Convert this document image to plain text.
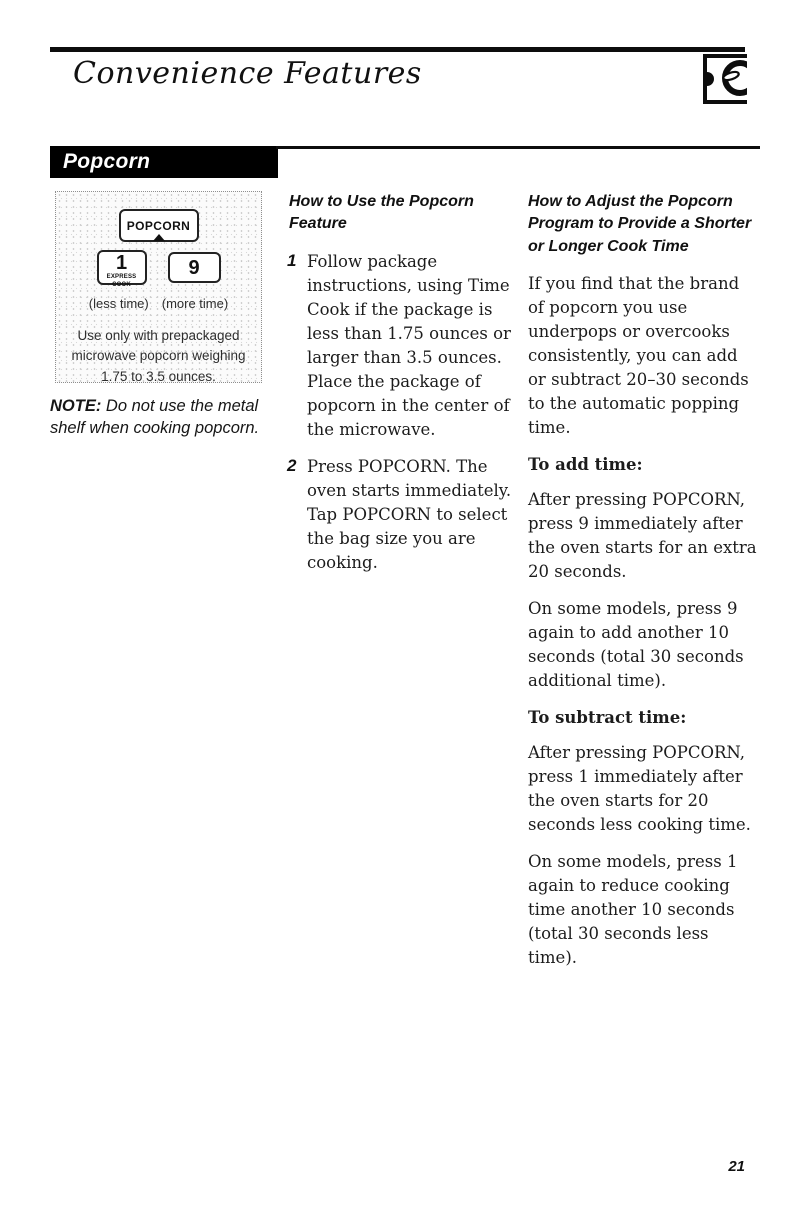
Convenience Features
Popcorn
POPCORN
1
EXPRESS COOK
9
(less time) (more time)
Use only with prepackaged microwave popcorn weighing 1.75 to 3.5 ounces.
NOTE: Do not use the metal shelf when cooking popcorn.

How to Use the Popcorn Feature

1 Follow package instructions, using Time Cook if the package is less than 1.75 ounces or larger than 3.5 ounces. Place the package of popcorn in the center of the microwave.
2 Press POPCORN. The oven starts immediately. Tap POPCORN to select the bag size you are cooking.

How to Adjust the Popcorn Program to Provide a Shorter or Longer Cook Time

If you find that the brand of popcorn you use underpops or overcooks consistently, you can add or subtract 20–30 seconds to the automatic popping time.

To add time:

After pressing POPCORN, press 9 immediately after the oven starts for an extra 20 seconds.

On some models, press 9 again to add another 10 seconds (total 30 seconds additional time).

To subtract time:

After pressing POPCORN, press 1 immediately after the oven starts for 20 seconds less cooking time.

On some models, press 1 again to reduce cooking time another 10 seconds (total 30 seconds less time).

21
